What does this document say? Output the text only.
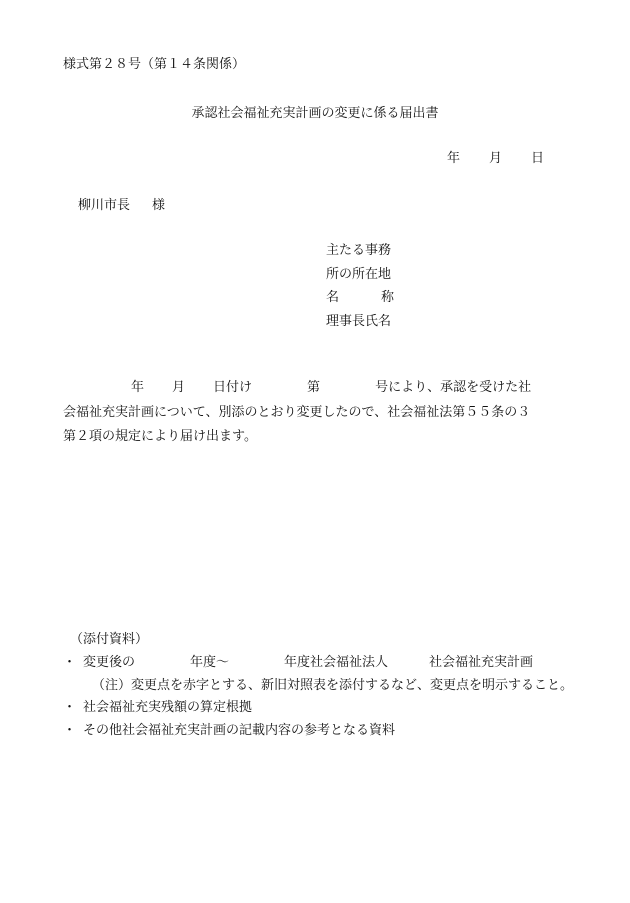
様式第２８号（第１４条関係）
承認社会福祉充実計画の変更に係る届出書
年 月 日
柳川市長 様
主たる事務
所の所在地
名	称
理事長氏名
年 月 日付け	第	号により、承認を受けた社
会福祉充実計画について、別添のとおり変更したので、社会福祉法第５５条の３
第２項の規定により届け出ます。
（添付資料）
・ 変更後の	年度～	年度社会福祉法人	社会福祉充実計画
（注）変更点を赤字とする、新旧対照表を添付するなど、変更点を明示すること。
・ 社会福祉充実残額の算定根拠
・ その他社会福祉充実計画の記載内容の参考となる資料
